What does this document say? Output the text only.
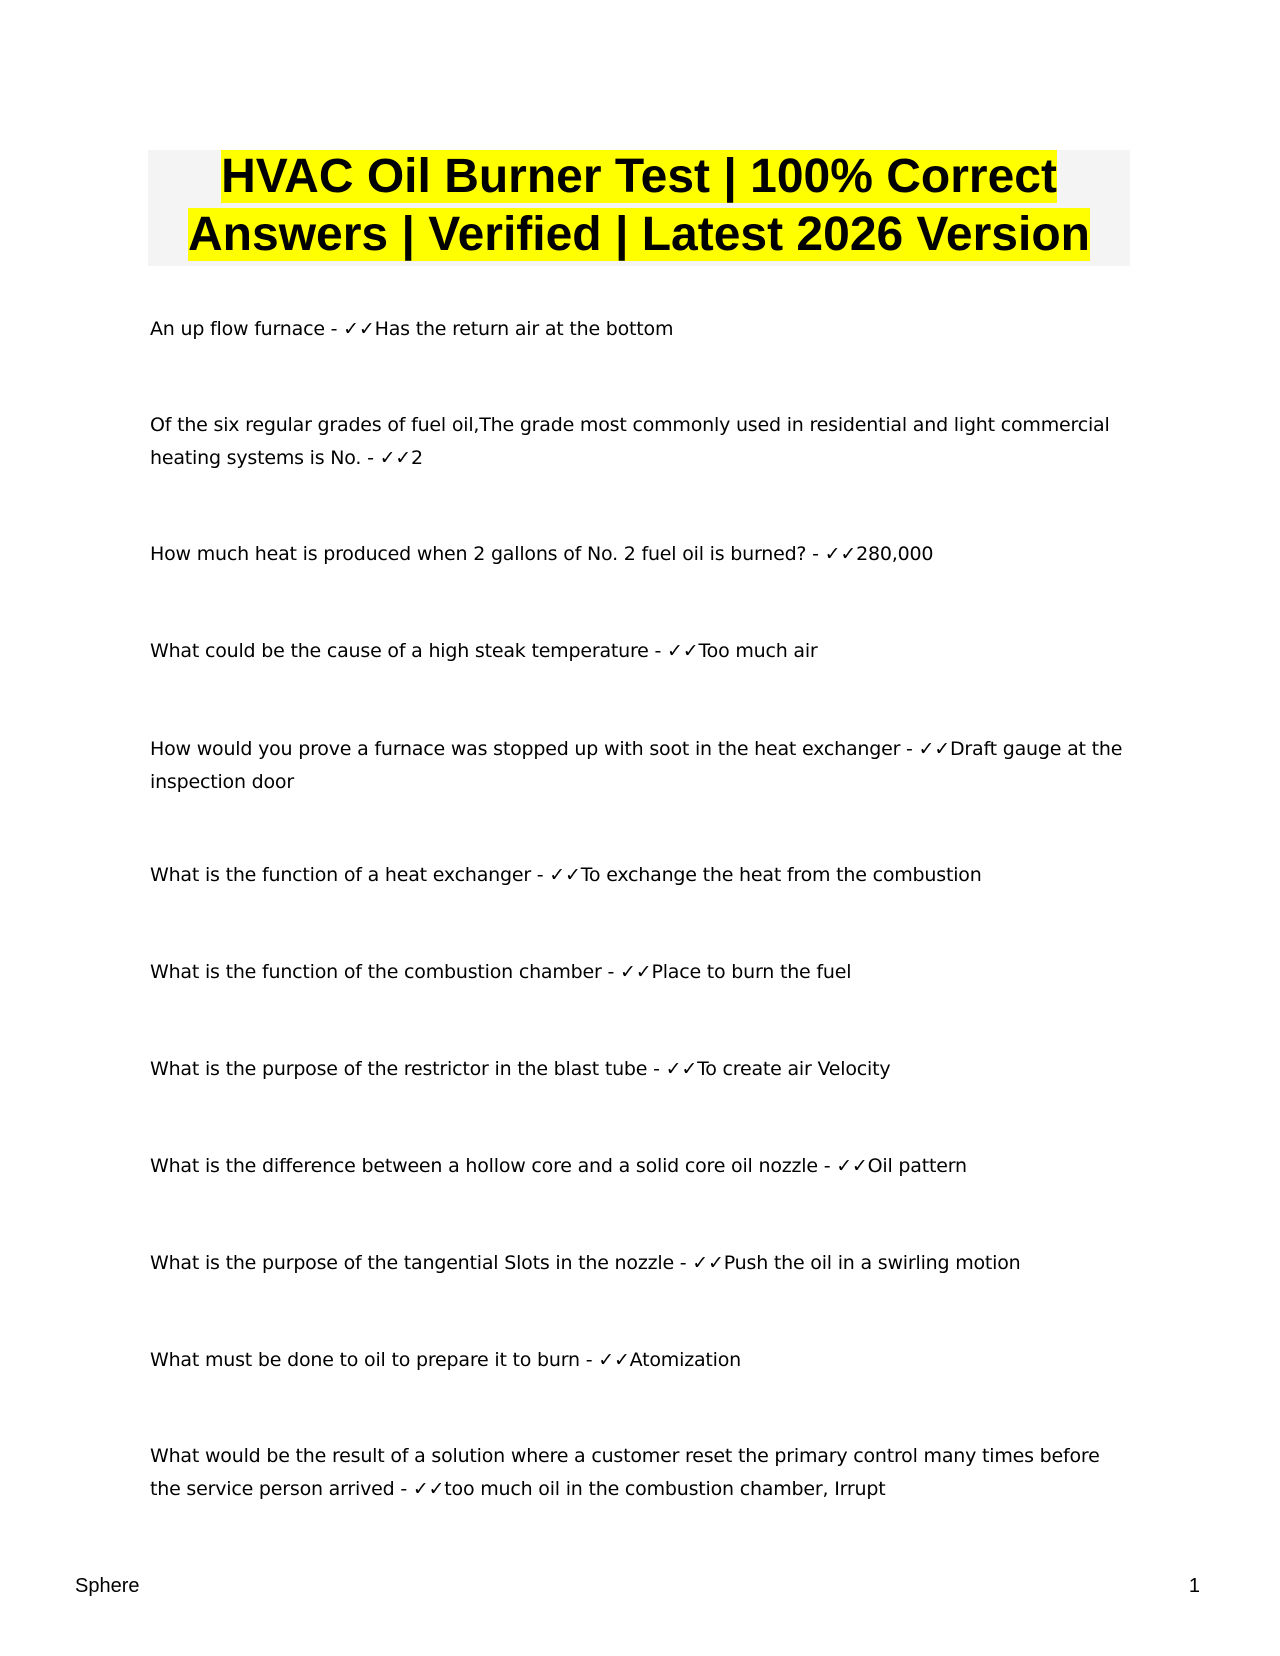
HVAC Oil Burner Test | 100% Correct
Answers | Verified | Latest 2026 Version

An up flow furnace - ✓✓Has the return air at the bottom

Of the six regular grades of fuel oil,The grade most commonly used in residential and light commercial heating systems is No. - ✓✓2

How much heat is produced when 2 gallons of No. 2 fuel oil is burned? - ✓✓280,000

What could be the cause of a high steak temperature - ✓✓Too much air

How would you prove a furnace was stopped up with soot in the heat exchanger - ✓✓Draft gauge at the inspection door

What is the function of a heat exchanger - ✓✓To exchange the heat from the combustion

What is the function of the combustion chamber - ✓✓Place to burn the fuel

What is the purpose of the restrictor in the blast tube - ✓✓To create air Velocity

What is the difference between a hollow core and a solid core oil nozzle - ✓✓Oil pattern

What is the purpose of the tangential Slots in the nozzle - ✓✓Push the oil in a swirling motion

What must be done to oil to prepare it to burn - ✓✓Atomization

What would be the result of a solution where a customer reset the primary control many times before the service person arrived - ✓✓too much oil in the combustion chamber, Irrupt

Sphere	1
